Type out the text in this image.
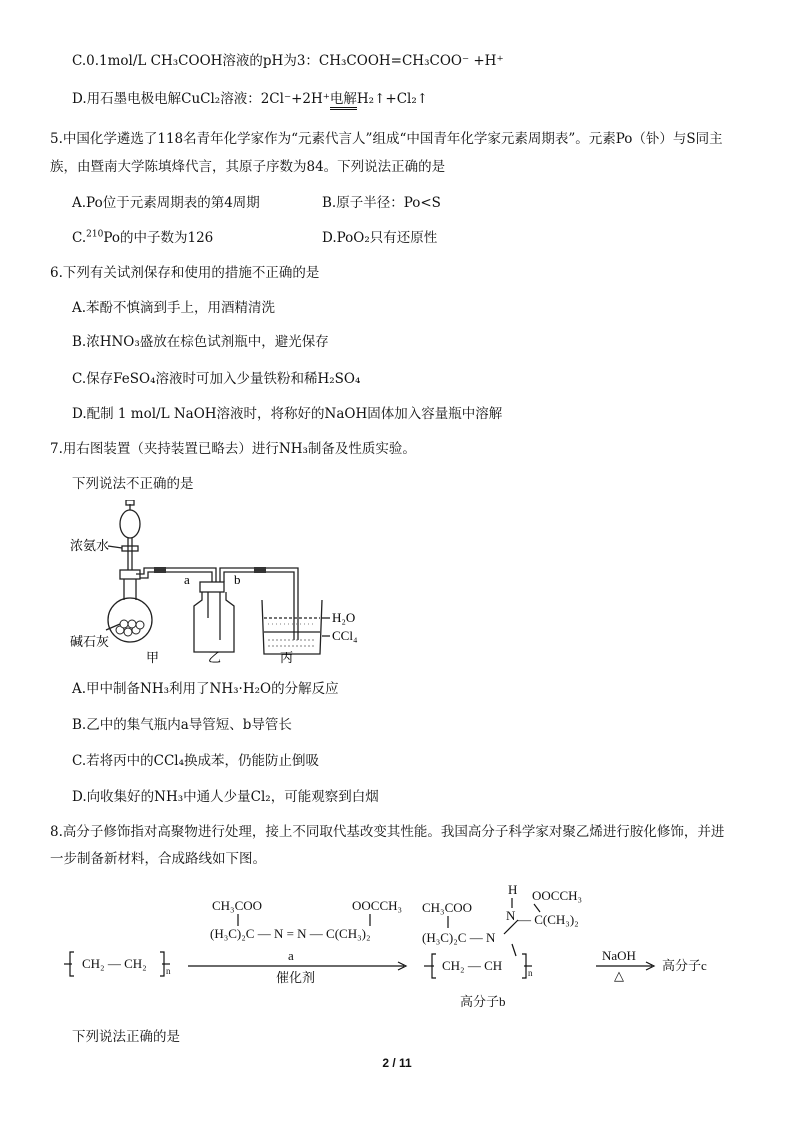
C.0.1mol/L CH₃COOH溶液的pH为3：CH₃COOH=CH₃COO⁻ +H⁺
D.用石墨电极电解CuCl₂溶液：2Cl⁻+2H⁺电解H₂↑+Cl₂↑
5.中国化学遴选了118名青年化学家作为“元素代言人”组成“中国青年化学家元素周期表”。元素Po（钋）与S同主
族，由暨南大学陈填烽代言，其原子序数为84。下列说法正确的是
A.Po位于元素周期表的第4周期	B.原子半径：Po<S
C.$^{210}$Po的中子数为126	D.PoO₂只有还原性
6.下列有关试剂保存和使用的措施不正确的是
A.苯酚不慎滴到手上，用酒精清洗
B.浓HNO₃盛放在棕色试剂瓶中，避光保存
C.保存FeSO₄溶液时可加入少量铁粉和稀H₂SO₄
D.配制 1 mol/L NaOH溶液时，将称好的NaOH固体加入容量瓶中溶解
7.用右图装置（夹持装置已略去）进行NH₃制备及性质实验。
下列说法不正确的是
浓氨水
碱石灰
a	b
H₂O
CCl₄
甲	乙	丙
A.甲中制备NH₃利用了NH₃·H₂O的分解反应
B.乙中的集气瓶内a导管短、b导管长
C.若将丙中的CCl₄换成苯，仍能防止倒吸
D.向收集好的NH₃中通人少量Cl₂，可能观察到白烟
8.高分子修饰指对高聚物进行处理，接上不同取代基改变其性能。我国高分子科学家对聚乙烯进行胺化修饰，并进
一步制备新材料，合成路线如下图。
CH₂ — CH₂ n
CH₃COO	OOCCH₃
(H₃C)₂C — N = N — C(CH₃)₂
a
催化剂
H OOCCH₃
N — C(CH₃)₂
CH₃COO
(H₃C)₂C — N
CH₂ — CH	n
高分子b
NaOH
△
高分子c
下列说法正确的是
2 / 11
